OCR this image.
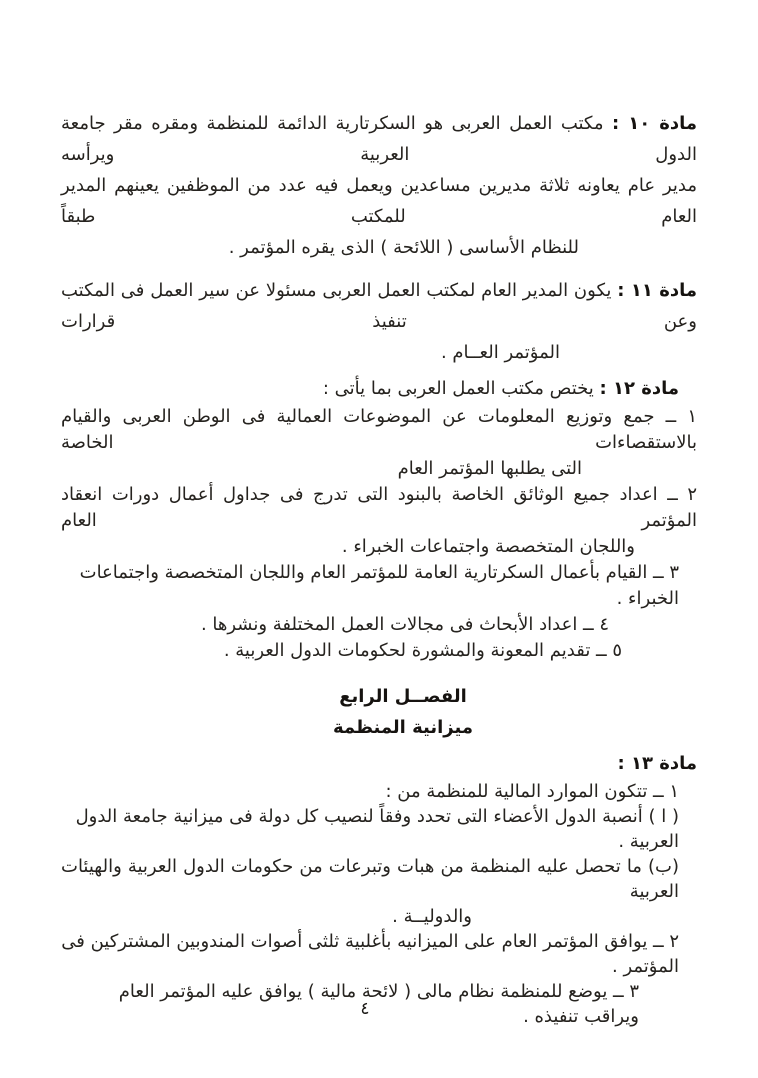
مادة ١٠ : مكتب العمل العربى هو السكرتارية الدائمة للمنظمة ومقره مقر جامعة الدول العربية ويرأسه
مدير عام يعاونه ثلاثة مديرين مساعدين ويعمل فيه عدد من الموظفين يعينهم المدير العام للمكتب طبقاً
للنظام الأساسى ( اللائحة ) الذى يقره المؤتمر .
مادة ١١ : يكون المدير العام لمكتب العمل العربى مسئولا عن سير العمل فى المكتب وعن تنفيذ قرارات
المؤتمر العــام .
مادة ١٢ : يختص مكتب العمل العربى بما يأتى :
١ ــ جمع وتوزيع المعلومات عن الموضوعات العمالية فى الوطن العربى والقيام بالاستقصاءات الخاصة
التى يطلبها المؤتمر العام
٢ ــ اعداد جميع الوثائق الخاصة بالبنود التى تدرج فى جداول أعمال دورات انعقاد المؤتمر العام
واللجان المتخصصة واجتماعات الخبراء .
٣ ــ القيام بأعمال السكرتارية العامة للمؤتمر العام واللجان المتخصصة واجتماعات الخبراء .
٤ ــ اعداد الأبحاث فى مجالات العمل المختلفة ونشرها .
٥ ــ تقديم المعونة والمشورة لحكومات الدول العربية .
الفصــل الرابع
ميزانية المنظمة
مادة ١٣ :
١ ــ تتكون الموارد المالية للمنظمة من :
( ا ) أنصبة الدول الأعضاء التى تحدد وفقاً لنصيب كل دولة فى ميزانية جامعة الدول العربية .
(ب) ما تحصل عليه المنظمة من هبات وتبرعات من حكومات الدول العربية والهيئات العربية
والدوليــة .
٢ ــ يوافق المؤتمر العام على الميزانيه بأغلبية ثلثى أصوات المندوبين المشتركين فى المؤتمر .
٣ ــ يوضع للمنظمة نظام مالى ( لائحة مالية ) يوافق عليه المؤتمر العام ويراقب تنفيذه .
٤
